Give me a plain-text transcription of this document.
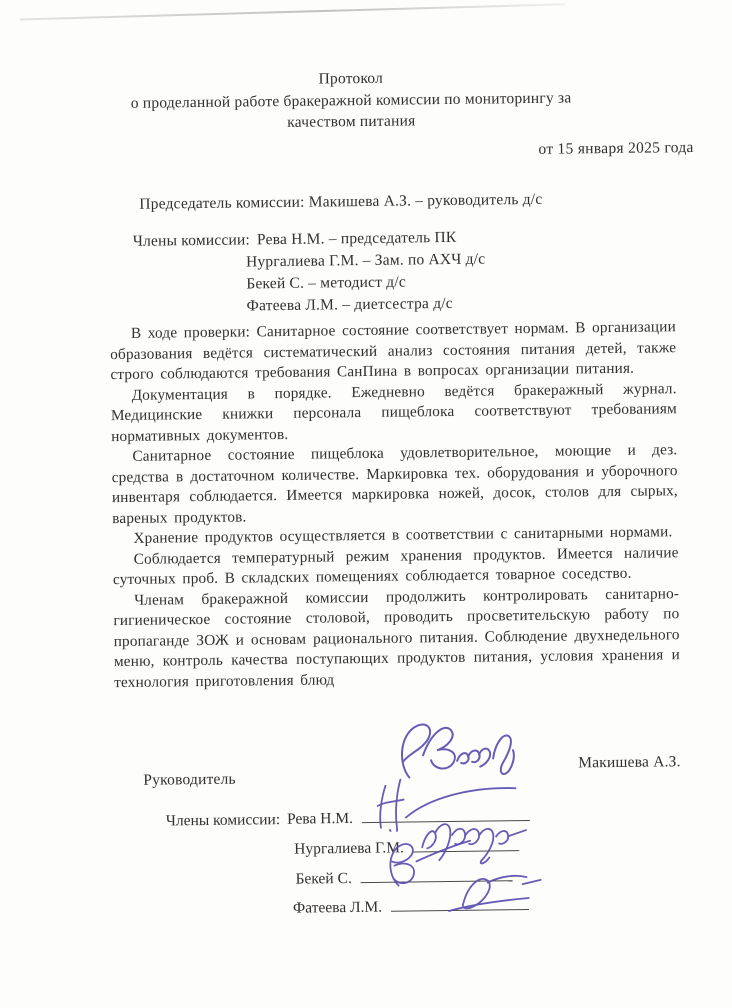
Протокол
о проделанной работе бракеражной комиссии по мониторингу за
качеством питания
от 15 января 2025 года
Председатель комиссии: Макишева А.З. – руководитель д/с
Члены комиссии: Рева Н.М. – председатель ПК
Нургалиева Г.М. – Зам. по АХЧ д/с
Бекей С. – методист д/с
Фатеева Л.М. – диетсестра д/с

В ходе проверки: Санитарное состояние соответствует нормам. В организации образования ведётся систематический анализ состояния питания детей, также строго соблюдаются требования СанПина в вопросах организации питания.

Документация в порядке. Ежедневно ведётся бракеражный журнал. Медицинские книжки персонала пищеблока соответствуют требованиям нормативных документов.

Санитарное состояние пищеблока удовлетворительное, моющие и дез. средства в достаточном количестве. Маркировка тех. оборудования и уборочного инвентаря соблюдается. Имеется маркировка ножей, досок, столов для сырых, вареных продуктов.

Хранение продуктов осуществляется в соответствии с санитарными нормами.

Соблюдается температурный режим хранения продуктов. Имеется наличие суточных проб. В складских помещениях соблюдается товарное соседство.

Членам бракеражной комиссии продолжить контролировать санитарно-гигиеническое состояние столовой, проводить просветительскую работу по пропаганде ЗОЖ и основам рационального питания. Соблюдение двухнедельного меню, контроль качества поступающих продуктов питания, условия хранения и технология приготовления блюд

Руководитель
Макишева А.З.
Члены комиссии: Рева Н.М.
Нургалиева Г.М.
Бекей С.
Фатеева Л.М.
